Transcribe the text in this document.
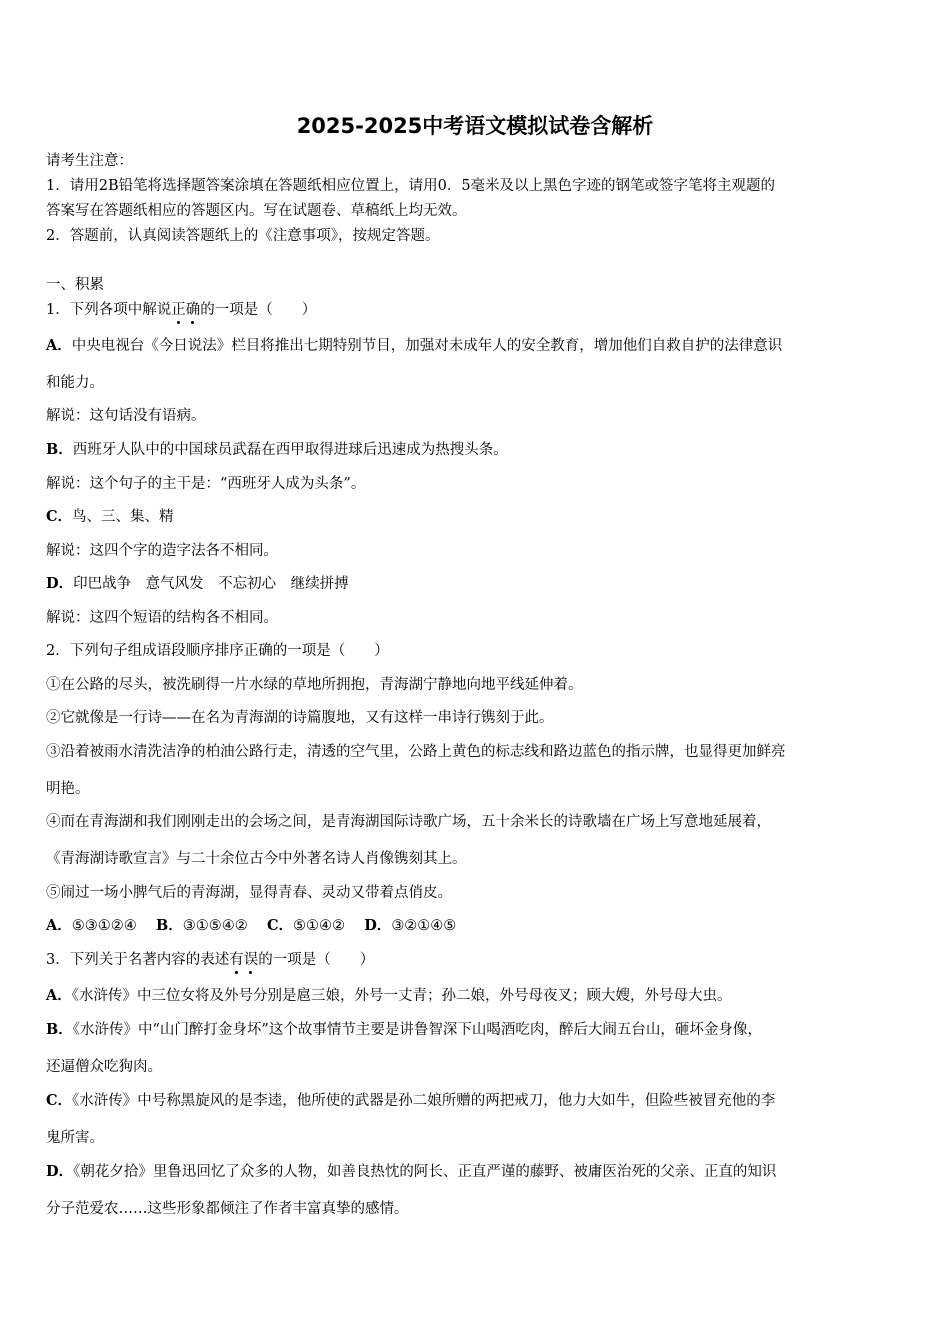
2025-2025中考语文模拟试卷含解析
请考生注意：
1．请用2B铅笔将选择题答案涂填在答题纸相应位置上，请用0．5毫米及以上黑色字迹的钢笔或签字笔将主观题的
答案写在答题纸相应的答题区内。写在试题卷、草稿纸上均无效。
2．答题前，认真阅读答题纸上的《注意事项》，按规定答题。
一、积累
1．下列各项中解说正确的一项是（　　）
A．中央电视台《今日说法》栏目将推出七期特别节目，加强对未成年人的安全教育，增加他们自救自护的法律意识
和能力。
解说：这句话没有语病。
B．西班牙人队中的中国球员武磊在西甲取得进球后迅速成为热搜头条。
解说：这个句子的主干是：“西班牙人成为头条”。
C．鸟、三、集、精
解说：这四个字的造字法各不相同。
D．印巴战争　意气风发　不忘初心　继续拼搏
解说：这四个短语的结构各不相同。
2．下列句子组成语段顺序排序正确的一项是（　　）
①在公路的尽头，被洗刷得一片水绿的草地所拥抱，青海湖宁静地向地平线延伸着。
②它就像是一行诗——在名为青海湖的诗篇腹地，又有这样一串诗行镌刻于此。
③沿着被雨水清洗洁净的柏油公路行走，清透的空气里，公路上黄色的标志线和路边蓝色的指示牌，也显得更加鲜亮
明艳。
④而在青海湖和我们刚刚走出的会场之间，是青海湖国际诗歌广场，五十余米长的诗歌墙在广场上写意地延展着，
《青海湖诗歌宣言》与二十余位古今中外著名诗人肖像镌刻其上。
⑤闹过一场小脾气后的青海湖，显得青春、灵动又带着点俏皮。
A．⑤③①②④ B．③①⑤④② C．⑤①④② D．③②①④⑤
3．下列关于名著内容的表述有误的一项是（　　）
A．《水浒传》中三位女将及外号分别是扈三娘，外号一丈青；孙二娘，外号母夜叉；顾大嫂，外号母大虫。
B．《水浒传》中“山门醉打金身坏”这个故事情节主要是讲鲁智深下山喝酒吃肉，醉后大闹五台山，砸坏金身像，
还逼僧众吃狗肉。
C．《水浒传》中号称黑旋风的是李逵，他所使的武器是孙二娘所赠的两把戒刀，他力大如牛，但险些被冒充他的李
鬼所害。
D．《朝花夕拾》里鲁迅回忆了众多的人物，如善良热忱的阿长、正直严谨的藤野、被庸医治死的父亲、正直的知识
分子范爱农……这些形象都倾注了作者丰富真挚的感情。
